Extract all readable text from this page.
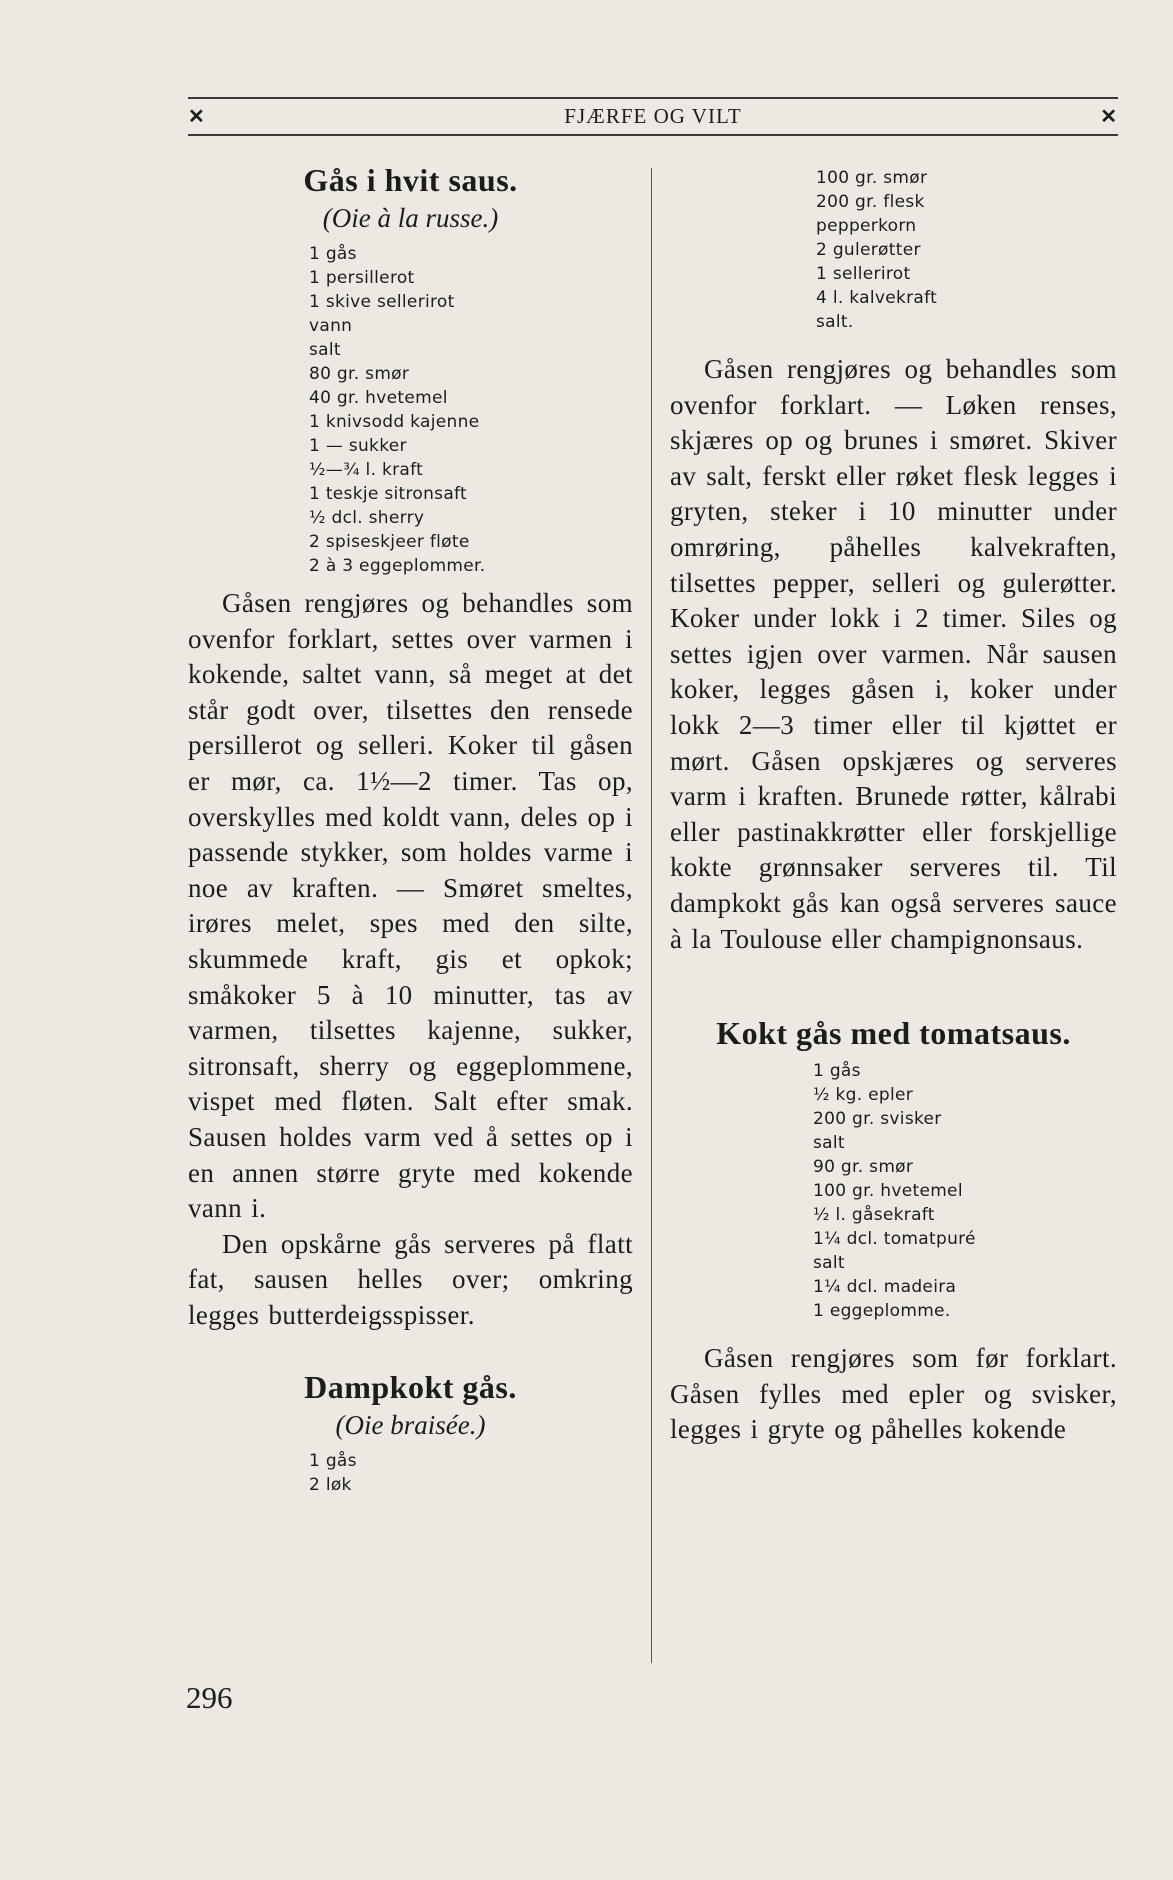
✕	FJÆRFE OG VILT	✕
Gås i hvit saus.

(Oie à la russe.)

1 gås
1 persillerot
1 skive sellerirot
vann
salt
80 gr. smør
40 gr. hvetemel
1 knivsodd kajenne
1 — sukker
½—¾ l. kraft
1 teskje sitronsaft
½ dcl. sherry
2 spiseskjeer fløte
2 à 3 eggeplommer.

Gåsen rengjøres og behandles som ovenfor forklart, settes over varmen i kokende, saltet vann, så meget at det står godt over, tilsettes den rensede persillerot og selleri. Koker til gåsen er mør, ca. 1½—2 timer. Tas op, overskylles med koldt vann, deles op i passende stykker, som holdes varme i noe av kraften. — Smøret smeltes, irøres melet, spes med den silte, skummede kraft, gis et opkok; småkoker 5 à 10 minutter, tas av varmen, tilsettes kajenne, sukker, sitronsaft, sherry og eggeplommene, vispet med fløten. Salt efter smak. Sausen holdes varm ved å settes op i en annen større gryte med kokende vann i.

Den opskårne gås serveres på flatt fat, sausen helles over; omkring legges butterdeigsspisser.

Dampkokt gås.

(Oie braisée.)

1 gås
2 løk
100 gr. smør
200 gr. flesk
pepperkorn
2 gulerøtter
1 sellerirot
4 l. kalvekraft
salt.

Gåsen rengjøres og behandles som ovenfor forklart. — Løken renses, skjæres op og brunes i smøret. Skiver av salt, ferskt eller røket flesk legges i gryten, steker i 10 minutter under omrøring, påhelles kalvekraften, tilsettes pepper, selleri og gulerøtter. Koker under lokk i 2 timer. Siles og settes igjen over varmen. Når sausen koker, legges gåsen i, koker under lokk 2—3 timer eller til kjøttet er mørt. Gåsen opskjæres og serveres varm i kraften. Brunede røtter, kålrabi eller pastinakkrøtter eller forskjellige kokte grønnsaker serveres til. Til dampkokt gås kan også serveres sauce à la Toulouse eller champignonsaus.

Kokt gås med tomatsaus.
1 gås
½ kg. epler
200 gr. svisker
salt
90 gr. smør
100 gr. hvetemel
½ l. gåsekraft
1¼ dcl. tomatpuré
salt
1¼ dcl. madeira
1 eggeplomme.

Gåsen rengjøres som før forklart. Gåsen fylles med epler og svisker, legges i gryte og påhelles kokende

296
